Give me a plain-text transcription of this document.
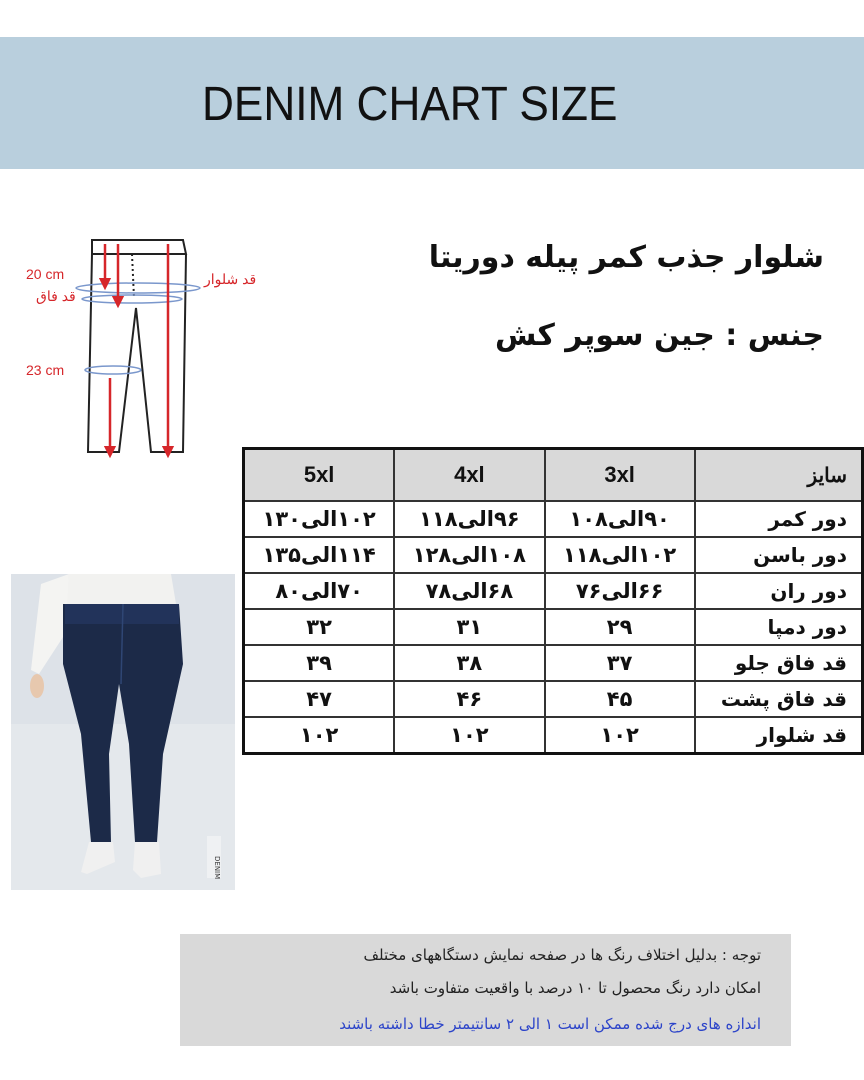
DENIM CHART SIZE
شلوار جذب کمر پیله دوریتا
جنس : جین سوپر کش
20 cm
قد فاق
23 cm
قد شلوار
DENIM
5xl	4xl	3xl	سایز
۱۰۲الی۱۳۰	۹۶الی۱۱۸	۹۰الی۱۰۸	دور کمر
۱۱۴الی۱۳۵	۱۰۸الی۱۲۸	۱۰۲الی۱۱۸	دور باسن
۷۰الی۸۰	۶۸الی۷۸	۶۶الی۷۶	دور ران
۳۲	۳۱	۲۹	دور دمپا
۳۹	۳۸	۳۷	قد فاق جلو
۴۷	۴۶	۴۵	قد فاق پشت
۱۰۲	۱۰۲	۱۰۲	قد شلوار

توجه : بدلیل اختلاف رنگ ها در صفحه نمایش دستگاههای مختلف

امکان دارد رنگ محصول تا ۱۰ درصد با واقعیت متفاوت باشد

اندازه های درج شده ممکن است ۱ الی ۲ سانتیمتر خطا داشته باشند
